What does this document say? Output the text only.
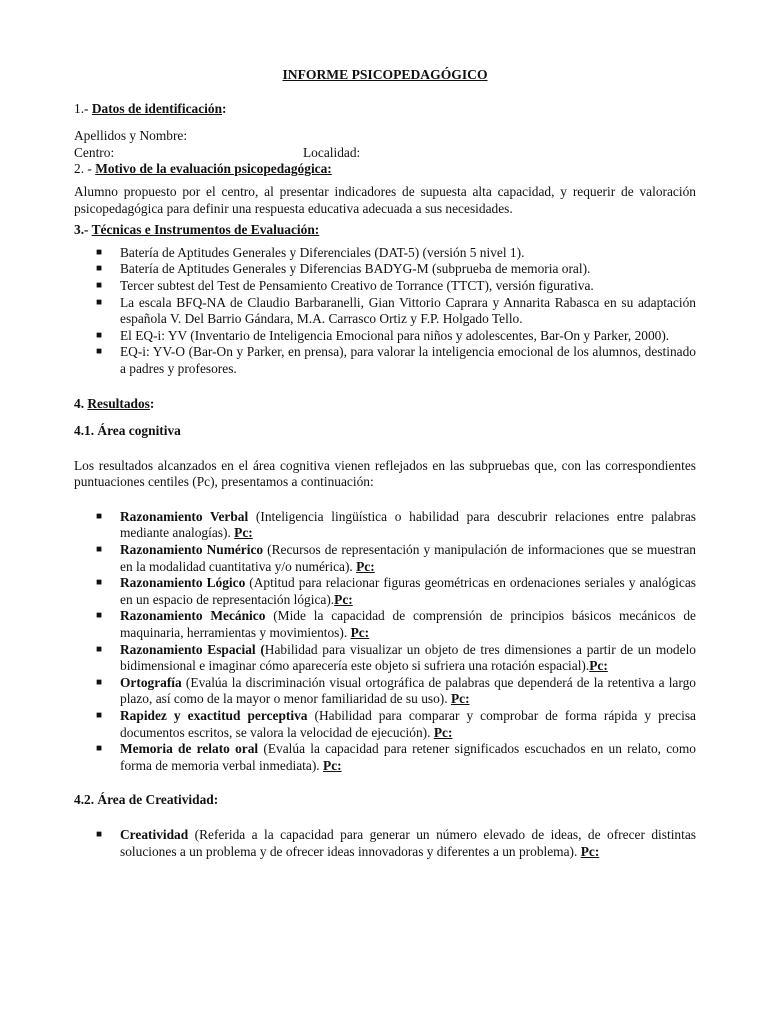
INFORME PSICOPEDAGÓGICO

1.- Datos de identificación:

Apellidos y Nombre:

Centro:	Localidad:

2. - Motivo de la evaluación psicopedagógica:

Alumno propuesto por el centro, al presentar indicadores de supuesta alta capacidad, y requerir de valoración psicopedagógica para definir una respuesta educativa adecuada a sus necesidades.

3.- Técnicas e Instrumentos de Evaluación:

■ Batería de Aptitudes Generales y Diferenciales (DAT-5) (versión 5 nivel 1).
■ Batería de Aptitudes Generales y Diferencias BADYG-M (subprueba de memoria oral).
■ Tercer subtest del Test de Pensamiento Creativo de Torrance (TTCT), versión figurativa.
■ La escala BFQ-NA de Claudio Barbaranelli, Gian Vittorio Caprara y Annarita Rabasca en su adaptación española V. Del Barrio Gándara, M.A. Carrasco Ortiz y F.P. Holgado Tello.
■ El EQ-i: YV (Inventario de Inteligencia Emocional para niños y adolescentes, Bar-On y Parker, 2000).
■ EQ-i: YV-O (Bar-On y Parker, en prensa), para valorar la inteligencia emocional de los alumnos, destinado a padres y profesores.

4. Resultados:

4.1. Área cognitiva

Los resultados alcanzados en el área cognitiva vienen reflejados en las subpruebas que, con las correspondientes puntuaciones centiles (Pc), presentamos a continuación:

■ Razonamiento Verbal (Inteligencia lingüística o habilidad para descubrir relaciones entre palabras mediante analogías). Pc:
■ Razonamiento Numérico (Recursos de representación y manipulación de informaciones que se muestran en la modalidad cuantitativa y/o numérica). Pc:
■ Razonamiento Lógico (Aptitud para relacionar figuras geométricas en ordenaciones seriales y analógicas en un espacio de representación lógica).Pc:
■ Razonamiento Mecánico (Mide la capacidad de comprensión de principios básicos mecánicos de maquinaria, herramientas y movimientos). Pc:
■ Razonamiento Espacial (Habilidad para visualizar un objeto de tres dimensiones a partir de un modelo bidimensional e imaginar cómo aparecería este objeto si sufriera una rotación espacial).Pc:
■ Ortografía (Evalúa la discriminación visual ortográfica de palabras que dependerá de la retentiva a largo plazo, así como de la mayor o menor familiaridad de su uso). Pc:
■ Rapidez y exactitud perceptiva (Habilidad para comparar y comprobar de forma rápida y precisa documentos escritos, se valora la velocidad de ejecución). Pc:
■ Memoria de relato oral (Evalúa la capacidad para retener significados escuchados en un relato, como forma de memoria verbal inmediata). Pc:

4.2. Área de Creatividad:

■ Creatividad (Referida a la capacidad para generar un número elevado de ideas, de ofrecer distintas soluciones a un problema y de ofrecer ideas innovadoras y diferentes a un problema). Pc:
